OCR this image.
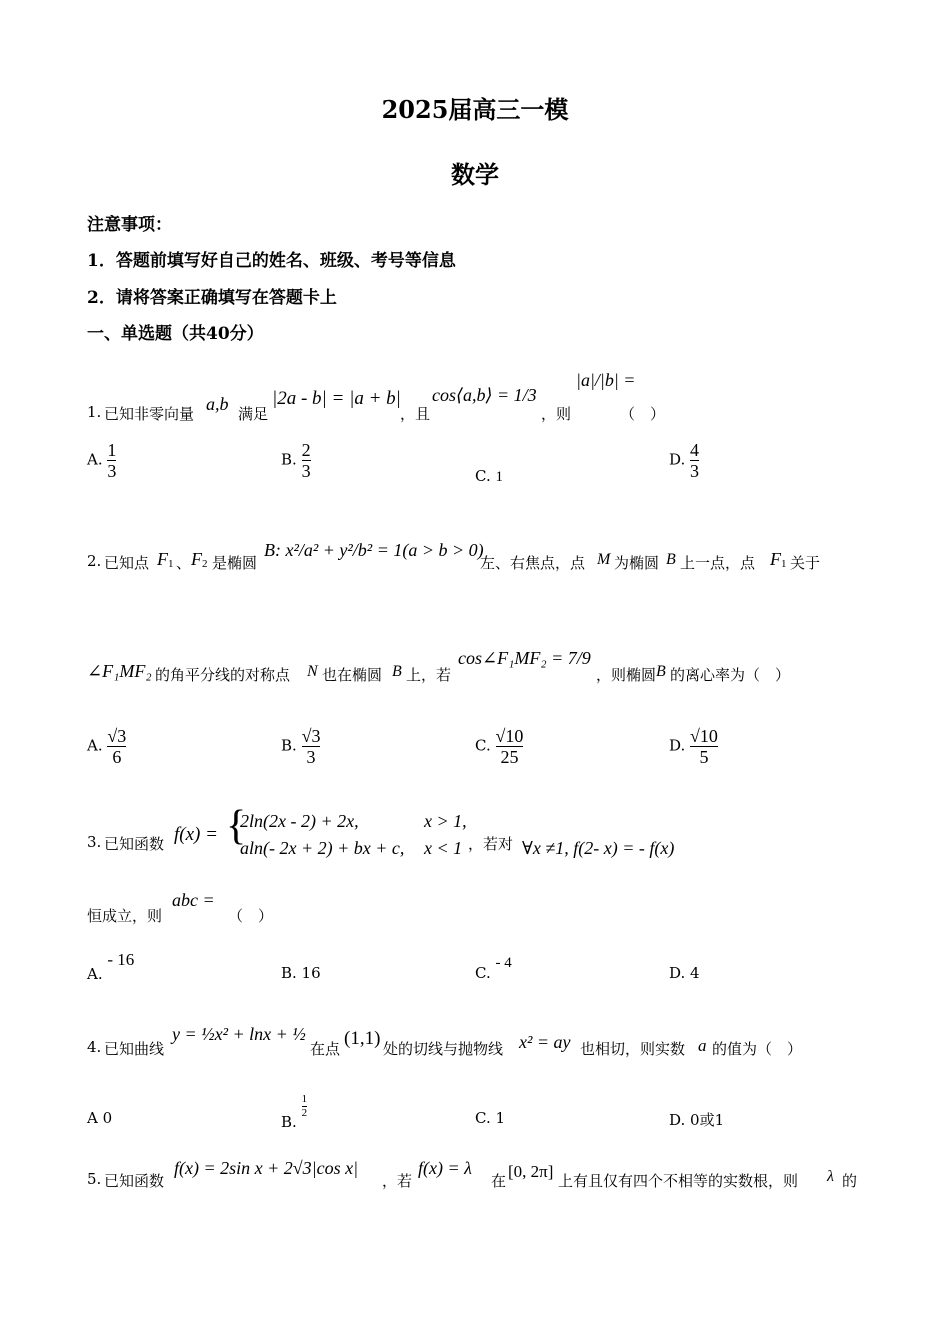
2025届高三一模
数学
注意事项：
1．答题前填写好自己的姓名、班级、考号等信息
2．请将答案正确填写在答题卡上
一、单选题（共40分）
1. 已知非零向量 a,b 满足
|2a - b| = |a + b|
，且
cos⟨a,b⟩ = 1/3
，则
|a|/|b| =
（　）
A. $\frac{1}{3}$	B. $\frac{2}{3}$	C. 1
D. $\frac{4}{3}$
2. 已知点 F 1 、 F 2 是椭圆
B: x²/a² + y²/b² = 1(a > b > 0)
左、右焦点，点 M 为椭圆 B 上一点，点 F 1 关于
∠F₁MF₂ 的角平分线的对称点 N 也在椭圆 B 上，若
cos∠F₁MF₂ = 7/9
，则椭圆 B 的离心率为（　）
A. $\frac{√3}{6}$	B. $\frac{√3}{3}$	C. $\frac{√10}{25}$	D. $\frac{√10}{5}$
3. 已知函数 f(x) = {
2ln(2x - 2) + 2x,	x > 1,
aln(- 2x + 2) + bx + c, x < 1 ，若对 ∀x ≠1, f(2- x) = - f(x)
恒成立，则
abc =
（　）
A. - 16
B. 16	C. - 4
D. 4
4. 已知曲线
y = ½x² + lnx + ½
在点 (1,1) 处的切线与抛物线 x² = ay 也相切，则实数 a 的值为（　）
A 0	B.
$\frac{1}{2}$	C. 1	D. 0或1
5. 已知函数
f(x) = 2sin x + 2√3|cos x|
，若
f(x) = λ
在 [0, 2π] 上有且仅有四个不相等的实数根，则 λ 的
